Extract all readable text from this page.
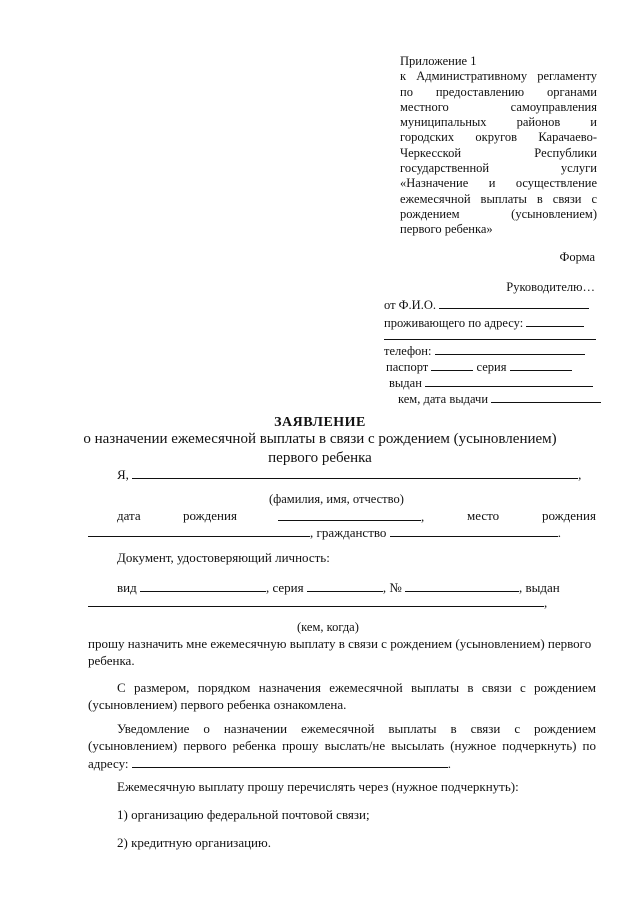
Приложение 1
к Административному регламенту
по предоставлению органами
местного самоуправления
муниципальных районов и
городских округов Карачаево-
Черкесской Республики
государственной услуги
«Назначение и осуществление
ежемесячной выплаты в связи с
рождением (усыновлением)
первого ребенка»
Форма
Руководителю…
от Ф.И.О.
проживающего по адресу:
телефон:
паспорт	серия
выдан
кем, дата выдачи
ЗАЯВЛЕНИЕ
о назначении ежемесячной выплаты в связи с рождением (усыновлением)
первого ребенка
Я,	,
(фамилия, имя, отчество)
дата	рождения	,	место	рождения
, гражданство	.
Документ, удостоверяющий личность:
вид	, серия	, №	, выдан
,
(кем, когда)
прошу назначить мне ежемесячную выплату в связи с рождением (усыновлением) первого
ребенка.
С размером, порядком назначения ежемесячной выплаты в связи с рождением
(усыновлением) первого ребенка ознакомлена.
Уведомление о назначении ежемесячной выплаты в связи с рождением
(усыновлением) первого ребенка прошу выслать/не высылать (нужное подчеркнуть) по
адресу:	.
Ежемесячную выплату прошу перечислять через (нужное подчеркнуть):
1) организацию федеральной почтовой связи;
2) кредитную организацию.
